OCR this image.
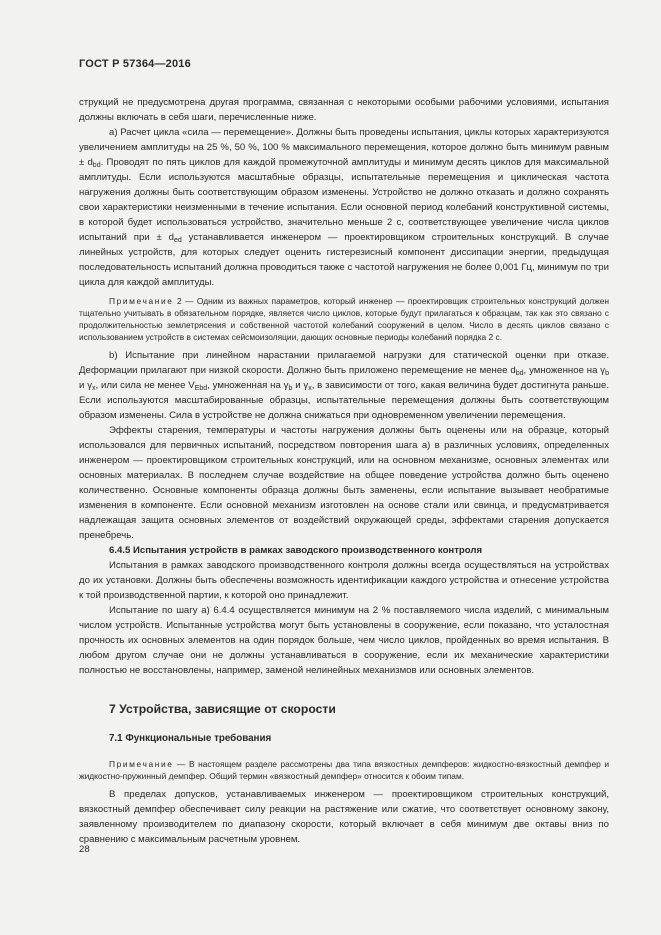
ГОСТ Р 57364—2016

струкций не предусмотрена другая программа, связанная с некоторыми особыми рабочими условиями, испытания должны включать в себя шаги, перечисленные ниже.

а) Расчет цикла «сила — перемещение». Должны быть проведены испытания, циклы которых характеризуются увеличением амплитуды на 25 %, 50 %, 100 % максимального перемещения, которое должно быть минимум равным ± $d_{bd}$. Проводят по пять циклов для каждой промежуточной амплитуды и минимум десять циклов для максимальной амплитуды. Если используются масштабные образцы, испытательные перемещения и циклическая частота нагружения должны быть соответствующим образом изменены. Устройство не должно отказать и должно сохранять свои характеристики неизменными в течение испытания. Если основной период колебаний конструктивной системы, в которой будет использоваться устройство, значительно меньше 2 с, соответствующее увеличение числа циклов испытаний при ± $d_{ed}$ устанавливается инженером — проектировщиком строительных конструкций. В случае линейных устройств, для которых следует оценить гистерезисный компонент диссипации энергии, предыдущая последовательность испытаний должна проводиться также с частотой нагружения не более 0,001 Гц, минимум по три цикла для каждой амплитуды.

Примечание 2 — Одним из важных параметров, который инженер — проектировщик строительных конструкций должен тщательно учитывать в обязательном порядке, является число циклов, которые будут прилагаться к образцам, так как это связано с продолжительностью землетрясения и собственной частотой колебаний сооружений в целом. Число в десять циклов связано с использованием устройств в системах сейсмоизоляции, дающих основные периоды колебаний порядка 2 с.

b) Испытание при линейном нарастании прилагаемой нагрузки для статической оценки при отказе. Деформации прилагают при низкой скорости. Должно быть приложено перемещение не менее $d_{bd}$, умноженное на $\gamma_b$ и $\gamma_x$, или сила не менее $V_{Ebd}$, умноженная на $\gamma_b$ и $\gamma_x$, в зависимости от того, какая величина будет достигнута раньше. Если используются масштабированные образцы, испытательные перемещения должны быть соответствующим образом изменены. Сила в устройстве не должна снижаться при одновременном увеличении перемещения.

Эффекты старения, температуры и частоты нагружения должны быть оценены или на образце, который использовался для первичных испытаний, посредством повторения шага а) в различных условиях, определенных инженером — проектировщиком строительных конструкций, или на основном механизме, основных элементах или основных материалах. В последнем случае воздействие на общее поведение устройства должно быть оценено количественно. Основные компоненты образца должны быть заменены, если испытание вызывает необратимые изменения в компоненте. Если основной механизм изготовлен на основе стали или свинца, и предусматривается надлежащая защита основных элементов от воздействий окружающей среды, эффектами старения допускается пренебречь.

6.4.5 Испытания устройств в рамках заводского производственного контроля

Испытания в рамках заводского производственного контроля должны всегда осуществляться на устройствах до их установки. Должны быть обеспечены возможность идентификации каждого устройства и отнесение устройства к той производственной партии, к которой оно принадлежит.

Испытание по шагу а) 6.4.4 осуществляется минимум на 2 % поставляемого числа изделий, с минимальным числом устройств. Испытанные устройства могут быть установлены в сооружение, если показано, что усталостная прочность их основных элементов на один порядок больше, чем число циклов, пройденных во время испытания. В любом другом случае они не должны устанавливаться в сооружение, если их механические характеристики полностью не восстановлены, например, заменой нелинейных механизмов или основных элементов.

7 Устройства, зависящие от скорости

7.1 Функциональные требования

Примечание — В настоящем разделе рассмотрены два типа вязкостных демпферов: жидкостно-вязкостный демпфер и жидкостно-пружинный демпфер. Общий термин «вязкостный демпфер» относится к обоим типам.

В пределах допусков, устанавливаемых инженером — проектировщиком строительных конструкций, вязкостный демпфер обеспечивает силу реакции на растяжение или сжатие, что соответствует основному закону, заявленному производителем по диапазону скорости, который включает в себя минимум две октавы вниз по сравнению с максимальным расчетным уровнем.

28
